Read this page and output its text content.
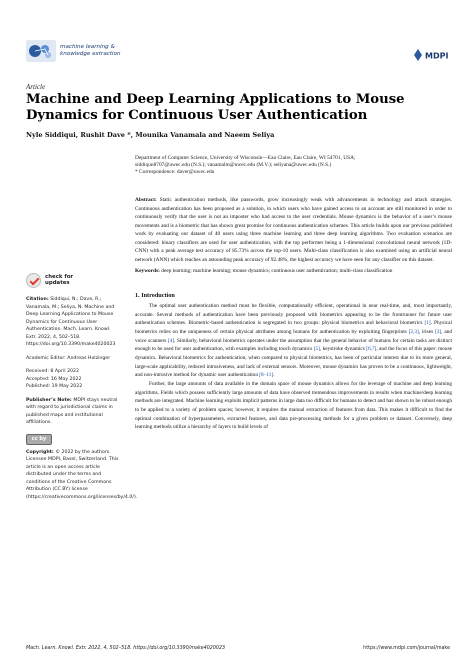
machine learning &
knowledge extraction	MDPI
Article
Machine and Deep Learning Applications to Mouse Dynamics for Continuous User Authentication
Nyle Siddiqui, Rushit Dave *, Mounika Vanamala and Naeem Seliya
Department of Computer Science, University of Wisconsin—Eau Claire, Eau Claire, WI 54701, USA;
siddiqun8707@uwec.edu (N.S.); vanamalm@uwec.edu (M.V.); seliyana@uwec.edu (N.S.)
* Correspondence: daver@uwec.edu
Abstract: Static authentication methods, like passwords, grow increasingly weak with advancements in technology and attack strategies. Continuous authentication has been proposed as a solution, in which users who have gained access to an account are still monitored in order to continuously verify that the user is not an imposter who had access to the user credentials. Mouse dynamics is the behavior of a user’s mouse movements and is a biometric that has shown great promise for continuous authentication schemes. This article builds upon our previous published work by evaluating our dataset of 40 users using three machine learning and three deep learning algorithms. Two evaluation scenarios are considered: binary classifiers are used for user authentication, with the top performer being a 1-dimensional convolutional neural network (1D-CNN) with a peak average test accuracy of 85.73% across the top-10 users. Multi-class classification is also examined using an artificial neural network (ANN) which reaches an astounding peak accuracy of 92.48%, the highest accuracy we have seen for any classifier on this dataset.
Keywords: deep learning; machine learning; mouse dynamics; continuous user authentication; multi-class classification
check for
updates
Citation: Siddiqui, N.; Dave, R.; Vanamala, M.; Seliya, N. Machine and Deep Learning Applications to Mouse Dynamics for Continuous User Authentication. Mach. Learn. Knowl. Extr. 2022, 4, 502–518. https://doi.org/10.3390/make4020023
Academic Editor: Andreas Holzinger

Received: 8 April 2022

Accepted: 16 May 2022

Published: 19 May 2022

Publisher’s Note: MDPI stays neutral with regard to jurisdictional claims in published maps and institutional affiliations.
cc by
Copyright: © 2022 by the authors. Licensee MDPI, Basel, Switzerland. This article is an open access article distributed under the terms and conditions of the Creative Commons Attribution (CC BY) license (https://creativecommons.org/licenses/by/4.0/).
1. Introduction

The optimal user authentication method must be flexible, computationally efficient, operational in near real-time, and, most importantly, accurate. Several methods of authentication have been previously proposed with biometrics appearing to be the frontrunner for future user authentication schemes. Biometric-based authentication is segregated in two groups: physical biometrics and behavioral biometrics [1]. Physical biometrics relies on the uniqueness of certain physical attributes among humans for authentication by exploiting fingerprints [2,3], irises [3], and voice scanners [4]. Similarly, behavioral biometrics operates under the assumption that the general behavior of humans for certain tasks are distinct enough to be used for user authentication, with examples including touch dynamics [5], keystroke dynamics [6,7], and the focus of this paper: mouse dynamics. Behavioral biometrics for authentication, when compared to physical biometrics, has been of particular interest due to its more general, large-scale applicability, reduced intrusiveness, and lack of external sensors. Moreover, mouse dynamics has proven to be a continuous, lightweight, and non-intrusive method for dynamic user authentication [8–11].

Further, the large amounts of data available in the domain space of mouse dynamics allows for the leverage of machine and deep learning algorithms. Fields which possess sufficiently large amounts of data have observed tremendous improvements in results when machine/deep learning methods are integrated. Machine learning exploits implicit patterns in large data too difficult for humans to detect and has shown to be robust enough to be applied to a variety of problem spaces; however, it requires the manual extraction of features from data. This makes it difficult to find the optimal combination of hyperparameters, extracted features, and data pre-processing methods for a given problem or dataset. Conversely, deep learning methods utilize a hierarchy of layers to build levels of

Mach. Learn. Knowl. Extr. 2022, 4, 502–518. https://doi.org/10.3390/make4020023	https://www.mdpi.com/journal/make
